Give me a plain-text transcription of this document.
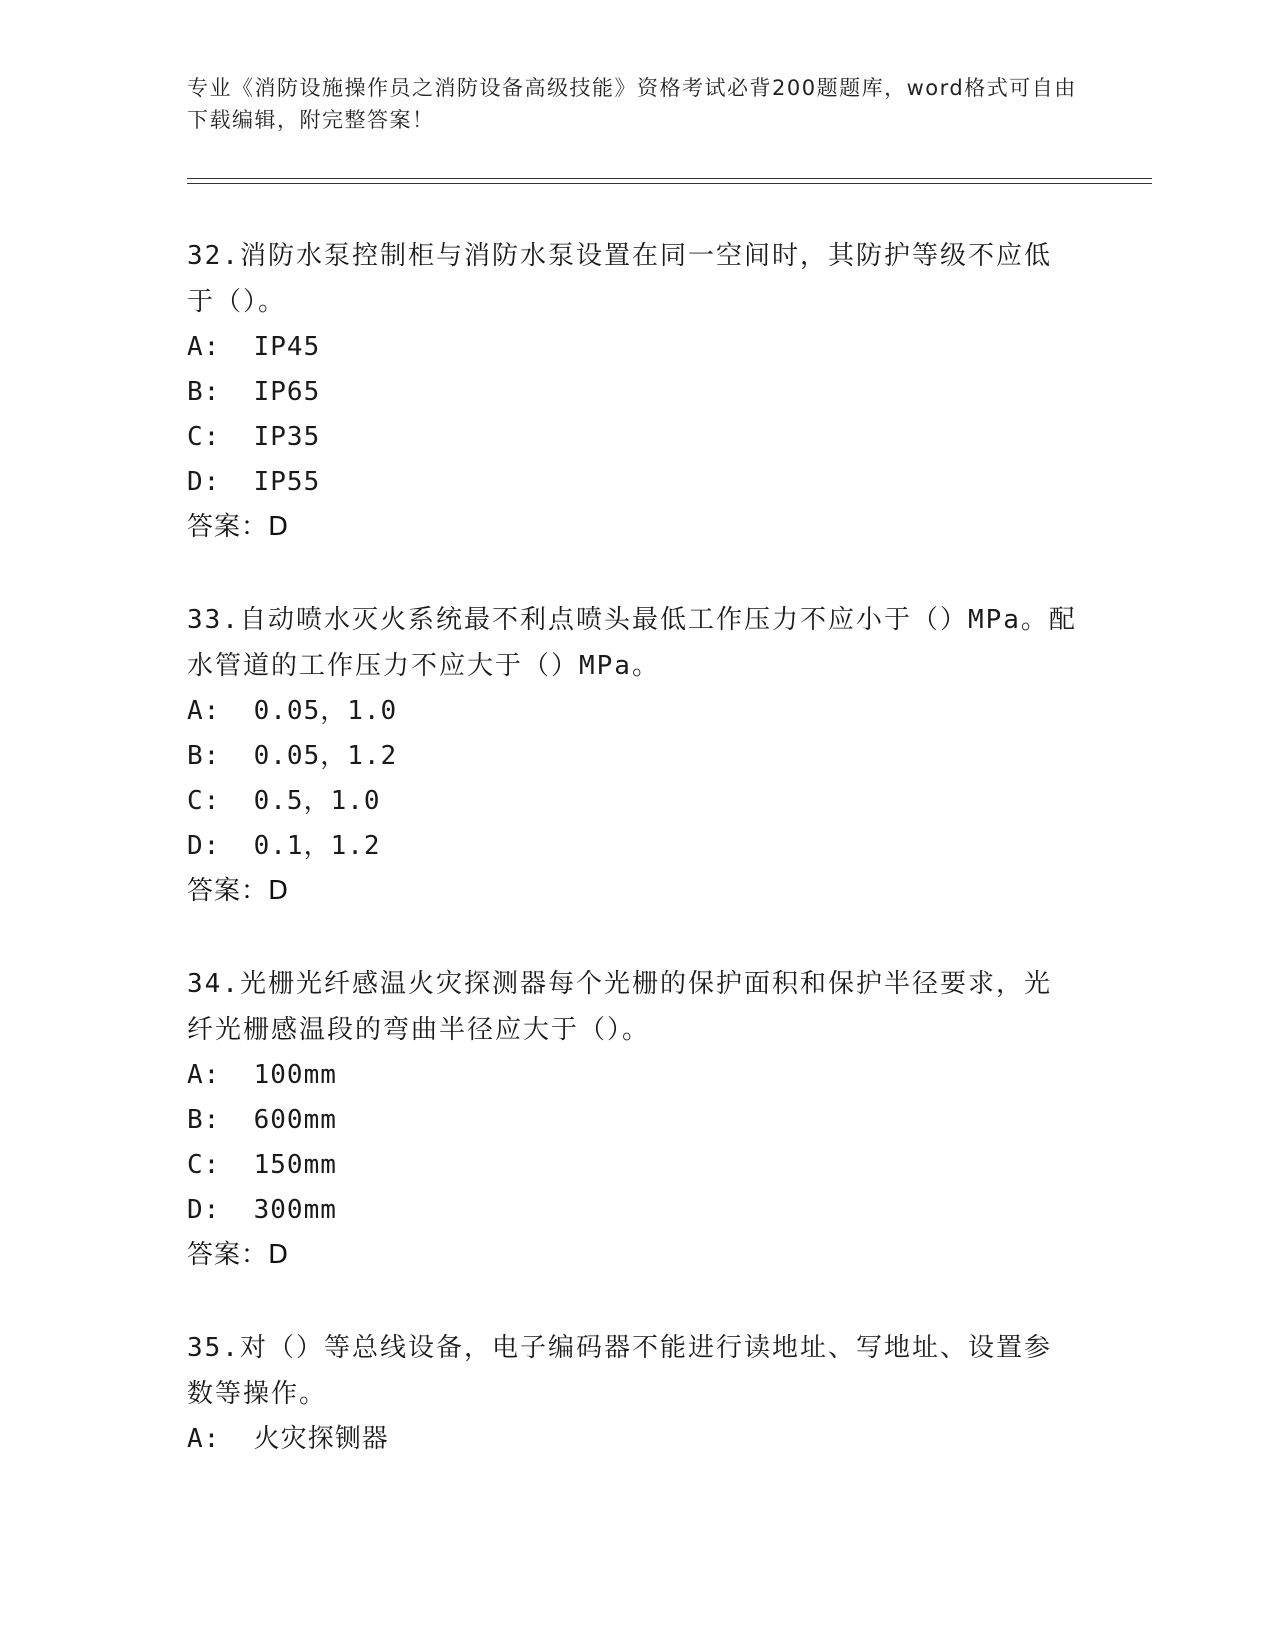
专业《消防设施操作员之消防设备高级技能》资格考试必背200题题库，word格式可自由下载编辑，附完整答案！

32.消防水泵控制柜与消防水泵设置在同一空间时，其防护等级不应低于（）。

A:  IP45
B:  IP65
C:  IP35
D:  IP55
答案：D

33.自动喷水灭火系统最不利点喷头最低工作压力不应小于（）MPa。配水管道的工作压力不应大于（）MPa。

A:  0.05，1.0
B:  0.05，1.2
C:  0.5，1.0
D:  0.1，1.2
答案：D

34.光栅光纤感温火灾探测器每个光栅的保护面积和保护半径要求，光纤光栅感温段的弯曲半径应大于（）。

A:  100mm
B:  600mm
C:  150mm
D:  300mm
答案：D

35.对（）等总线设备，电子编码器不能进行读地址、写地址、设置参数等操作。

A:  火灾探铡器
